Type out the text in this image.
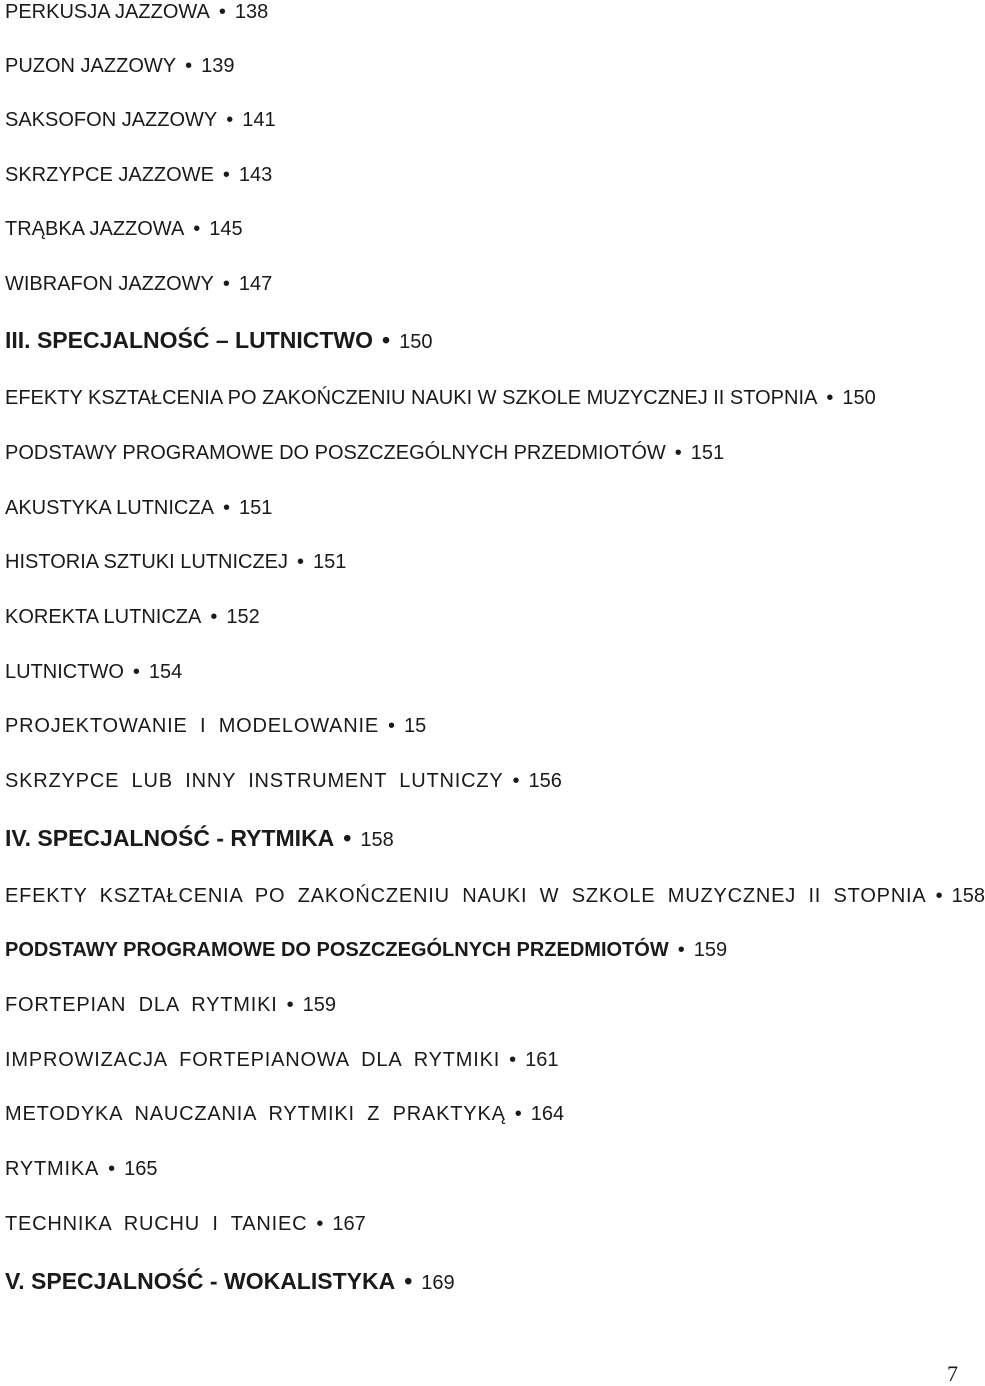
PERKUSJA JAZZOWA • 138
PUZON JAZZOWY • 139
SAKSOFON JAZZOWY • 141
SKRZYPCE JAZZOWE • 143
TRĄBKA JAZZOWA • 145
WIBRAFON JAZZOWY • 147
III. SPECJALNOŚĆ – LUTNICTWO • 150
EFEKTY KSZTAŁCENIA PO ZAKOŃCZENIU NAUKI W SZKOLE MUZYCZNEJ II STOPNIA • 150
PODSTAWY PROGRAMOWE DO POSZCZEGÓLNYCH PRZEDMIOTÓW • 151
AKUSTYKA LUTNICZA • 151
HISTORIA SZTUKI LUTNICZEJ • 151
KOREKTA LUTNICZA • 152
LUTNICTWO • 154
PROJEKTOWANIE I MODELOWANIE • 15
SKRZYPCE LUB INNY INSTRUMENT LUTNICZY • 156
IV. SPECJALNOŚĆ - RYTMIKA • 158
EFEKTY KSZTAŁCENIA PO ZAKOŃCZENIU NAUKI W SZKOLE MUZYCZNEJ II STOPNIA • 158
PODSTAWY PROGRAMOWE DO POSZCZEGÓLNYCH PRZEDMIOTÓW • 159
FORTEPIAN DLA RYTMIKI • 159
IMPROWIZACJA FORTEPIANOWA DLA RYTMIKI • 161
METODYKA NAUCZANIA RYTMIKI Z PRAKTYKĄ • 164
RYTMIKA • 165
TECHNIKA RUCHU I TANIEC • 167
V. SPECJALNOŚĆ - WOKALISTYKA • 169
7
